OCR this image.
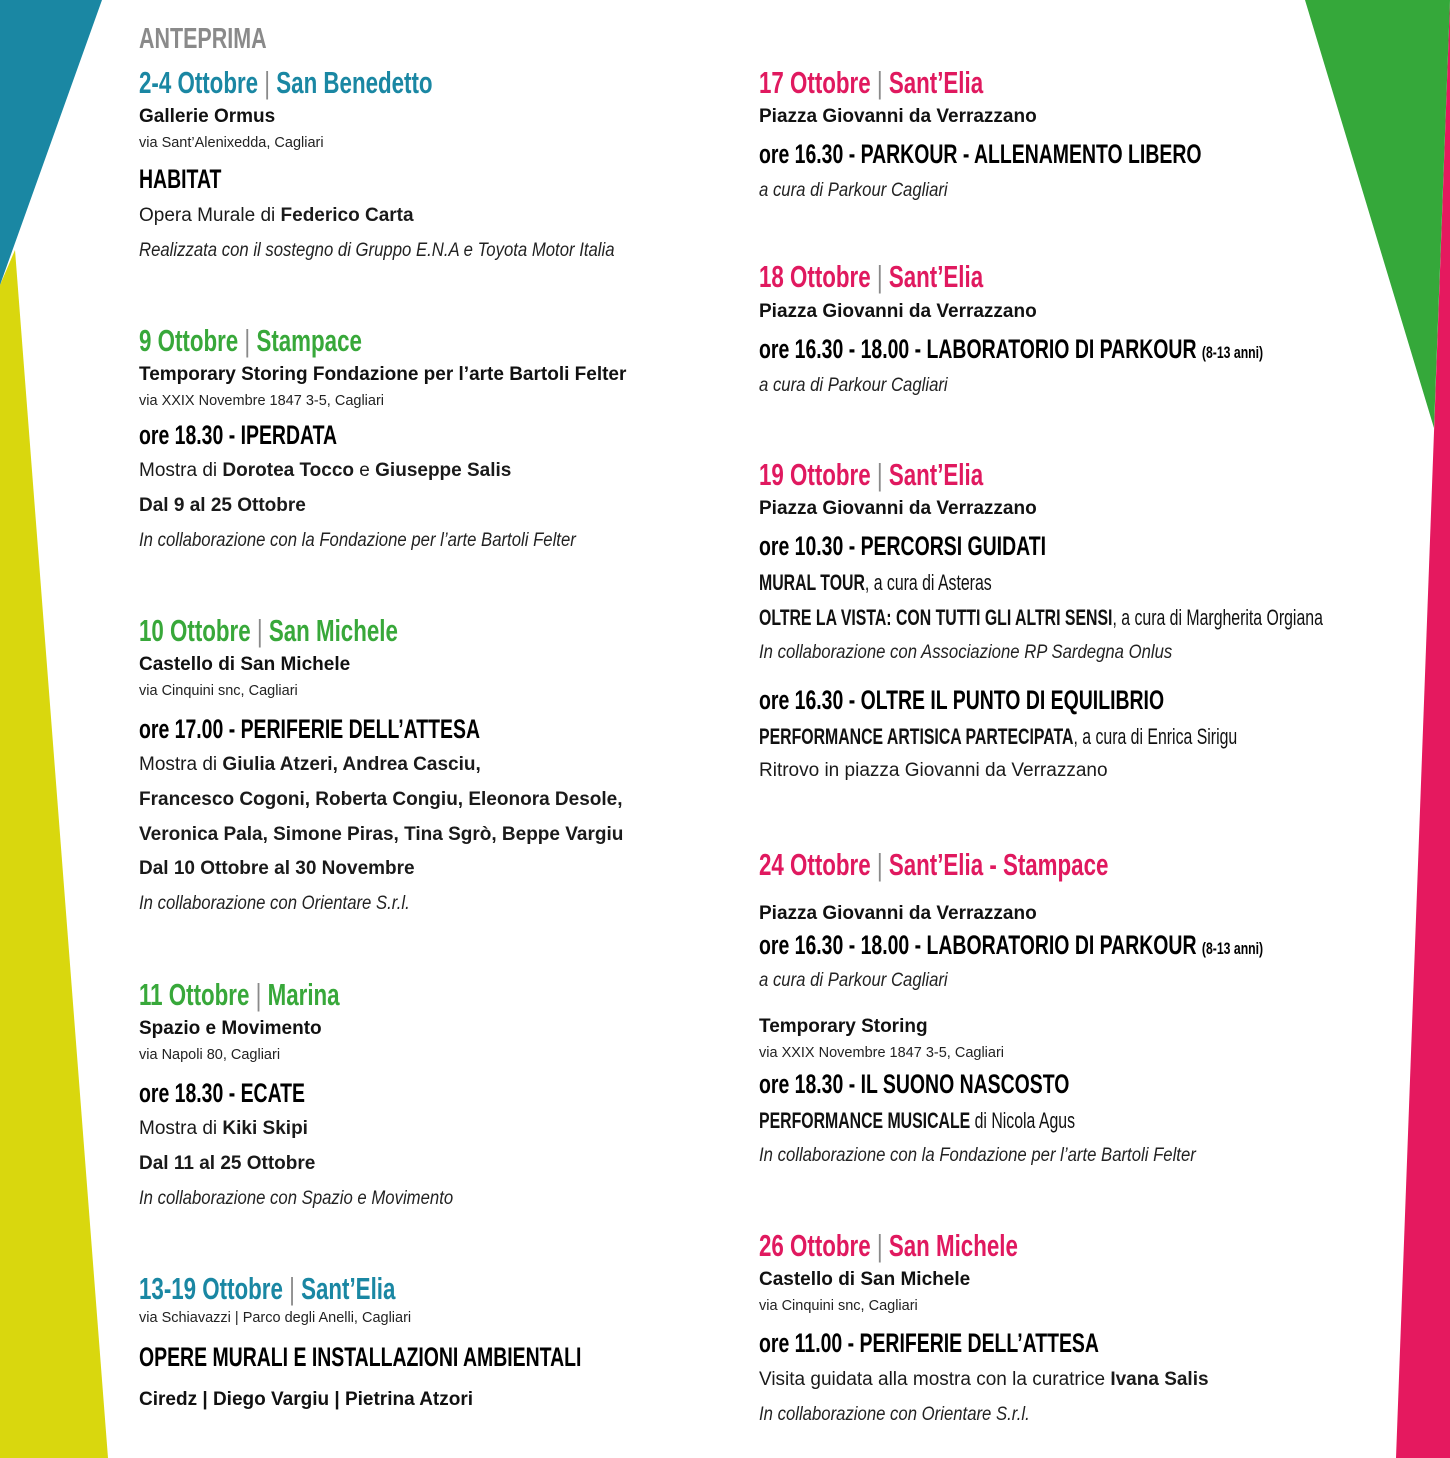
ANTEPRIMA
2-4 Ottobre | San Benedetto
Gallerie Ormus
via Sant’Alenixedda, Cagliari
HABITAT
Opera Murale di Federico Carta
Realizzata con il sostegno di Gruppo E.N.A e Toyota Motor Italia
9 Ottobre | Stampace
Temporary Storing Fondazione per l’arte Bartoli Felter
via XXIX Novembre 1847 3-5, Cagliari
ore 18.30 - IPERDATA
Mostra di Dorotea Tocco e Giuseppe Salis
Dal 9 al 25 Ottobre
In collaborazione con la Fondazione per l’arte Bartoli Felter
10 Ottobre | San Michele
Castello di San Michele
via Cinquini snc, Cagliari
ore 17.00 - PERIFERIE DELL’ATTESA
Mostra di Giulia Atzeri, Andrea Casciu,
Francesco Cogoni, Roberta Congiu, Eleonora Desole,
Veronica Pala, Simone Piras, Tina Sgrò, Beppe Vargiu
Dal 10 Ottobre al 30 Novembre
In collaborazione con Orientare S.r.l.
11 Ottobre | Marina
Spazio e Movimento
via Napoli 80, Cagliari
ore 18.30 - ECATE
Mostra di Kiki Skipi
Dal 11 al 25 Ottobre
In collaborazione con Spazio e Movimento
13-19 Ottobre | Sant’Elia
via Schiavazzi | Parco degli Anelli, Cagliari
OPERE MURALI E INSTALLAZIONI AMBIENTALI
Ciredz | Diego Vargiu | Pietrina Atzori
17 Ottobre | Sant’Elia
Piazza Giovanni da Verrazzano
ore 16.30 - PARKOUR - ALLENAMENTO LIBERO
a cura di Parkour Cagliari
18 Ottobre | Sant’Elia
Piazza Giovanni da Verrazzano
ore 16.30 - 18.00 - LABORATORIO DI PARKOUR (8-13 anni)
a cura di Parkour Cagliari
19 Ottobre | Sant’Elia
Piazza Giovanni da Verrazzano
ore 10.30 - PERCORSI GUIDATI
MURAL TOUR, a cura di Asteras
OLTRE LA VISTA: CON TUTTI GLI ALTRI SENSI, a cura di Margherita Orgiana
In collaborazione con Associazione RP Sardegna Onlus
ore 16.30 - OLTRE IL PUNTO DI EQUILIBRIO
PERFORMANCE ARTISICA PARTECIPATA, a cura di Enrica Sirigu
Ritrovo in piazza Giovanni da Verrazzano
24 Ottobre | Sant’Elia - Stampace
Piazza Giovanni da Verrazzano
ore 16.30 - 18.00 - LABORATORIO DI PARKOUR (8-13 anni)
a cura di Parkour Cagliari
Temporary Storing
via XXIX Novembre 1847 3-5, Cagliari
ore 18.30 - IL SUONO NASCOSTO
PERFORMANCE MUSICALE di Nicola Agus
In collaborazione con la Fondazione per l’arte Bartoli Felter
26 Ottobre | San Michele
Castello di San Michele
via Cinquini snc, Cagliari
ore 11.00 - PERIFERIE DELL’ATTESA
Visita guidata alla mostra con la curatrice Ivana Salis
In collaborazione con Orientare S.r.l.
